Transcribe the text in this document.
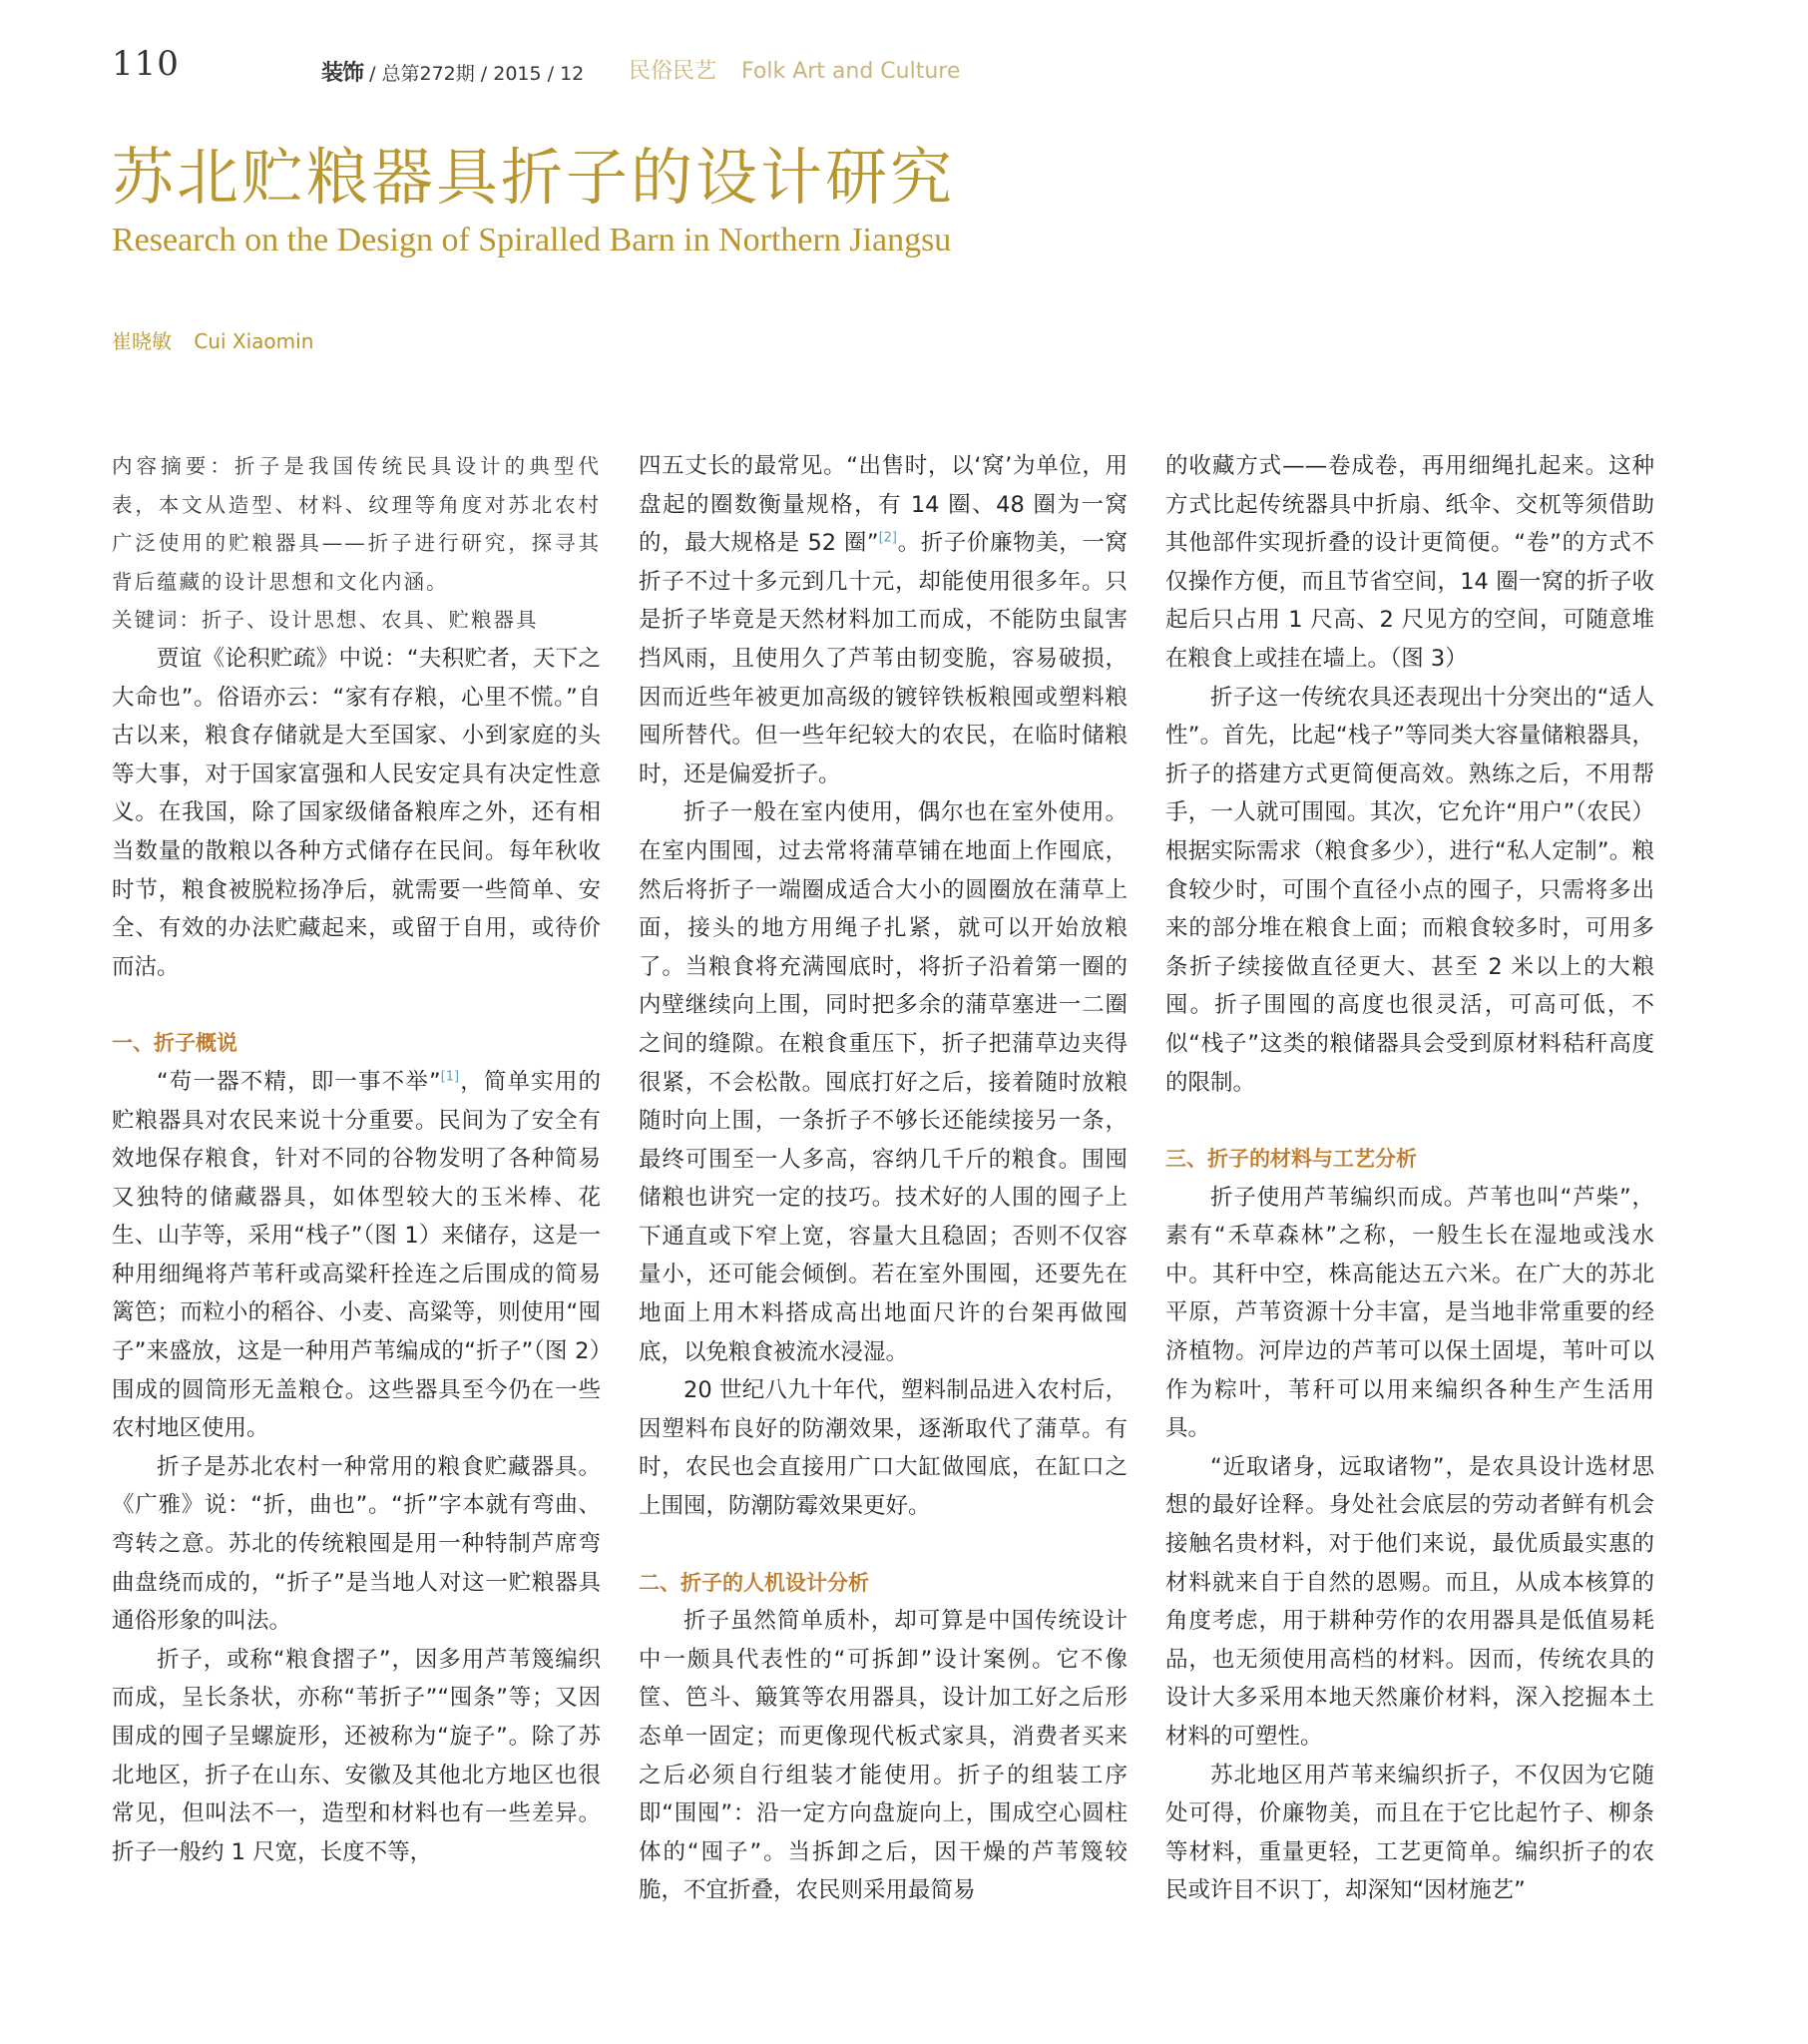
110	装饰 / 总第272期 / 2015 / 12 民俗民艺 Folk Art and Culture
苏北贮粮器具折子的设计研究
Research on the Design of Spiralled Barn in Northern Jiangsu
崔晓敏 Cui Xiaomin

内容摘要：折子是我国传统民具设计的典型代表，本文从造型、材料、纹理等角度对苏北农村广泛使用的贮粮器具——折子进行研究，探寻其背后蕴藏的设计思想和文化内涵。

关键词：折子、设计思想、农具、贮粮器具

贾谊《论积贮疏》中说：“夫积贮者，天下之大命也”。俗语亦云：“家有存粮，心里不慌。”自古以来，粮食存储就是大至国家、小到家庭的头等大事，对于国家富强和人民安定具有决定性意义。在我国，除了国家级储备粮库之外，还有相当数量的散粮以各种方式储存在民间。每年秋收时节，粮食被脱粒扬净后，就需要一些简单、安全、有效的办法贮藏起来，或留于自用，或待价而沽。

一、折子概说

“苟一器不精，即一事不举”[1]，简单实用的贮粮器具对农民来说十分重要。民间为了安全有效地保存粮食，针对不同的谷物发明了各种简易又独特的储藏器具，如体型较大的玉米棒、花生、山芋等，采用“栈子”（图 1）来储存，这是一种用细绳将芦苇秆或高粱秆拴连之后围成的简易篱笆；而粒小的稻谷、小麦、高粱等，则使用“囤子”来盛放，这是一种用芦苇编成的“折子”（图 2）围成的圆筒形无盖粮仓。这些器具至今仍在一些农村地区使用。

折子是苏北农村一种常用的粮食贮藏器具。《广雅》说：“折，曲也”。“折”字本就有弯曲、弯转之意。苏北的传统粮囤是用一种特制芦席弯曲盘绕而成的，“折子”是当地人对这一贮粮器具通俗形象的叫法。

折子，或称“粮食摺子”，因多用芦苇篾编织而成，呈长条状，亦称“苇折子”“囤条”等；又因围成的囤子呈螺旋形，还被称为“旋子”。除了苏北地区，折子在山东、安徽及其他北方地区也很常见，但叫法不一，造型和材料也有一些差异。折子一般约 1 尺宽，长度不等，

四五丈长的最常见。“出售时，以‘窝’为单位，用盘起的圈数衡量规格，有 14 圈、48 圈为一窝的，最大规格是 52 圈”[2]。折子价廉物美，一窝折子不过十多元到几十元，却能使用很多年。只是折子毕竟是天然材料加工而成，不能防虫鼠害挡风雨，且使用久了芦苇由韧变脆，容易破损，因而近些年被更加高级的镀锌铁板粮囤或塑料粮囤所替代。但一些年纪较大的农民，在临时储粮时，还是偏爱折子。

折子一般在室内使用，偶尔也在室外使用。在室内围囤，过去常将蒲草铺在地面上作囤底，然后将折子一端圈成适合大小的圆圈放在蒲草上面，接头的地方用绳子扎紧，就可以开始放粮了。当粮食将充满囤底时，将折子沿着第一圈的内壁继续向上围，同时把多余的蒲草塞进一二圈之间的缝隙。在粮食重压下，折子把蒲草边夹得很紧，不会松散。囤底打好之后，接着随时放粮随时向上围，一条折子不够长还能续接另一条，最终可围至一人多高，容纳几千斤的粮食。围囤储粮也讲究一定的技巧。技术好的人围的囤子上下通直或下窄上宽，容量大且稳固；否则不仅容量小，还可能会倾倒。若在室外围囤，还要先在地面上用木料搭成高出地面尺许的台架再做囤底，以免粮食被流水浸湿。

20 世纪八九十年代，塑料制品进入农村后，因塑料布良好的防潮效果，逐渐取代了蒲草。有时，农民也会直接用广口大缸做囤底，在缸口之上围囤，防潮防霉效果更好。

二、折子的人机设计分析

折子虽然简单质朴，却可算是中国传统设计中一颇具代表性的“可拆卸”设计案例。它不像筐、笆斗、簸箕等农用器具，设计加工好之后形态单一固定；而更像现代板式家具，消费者买来之后必须自行组装才能使用。折子的组装工序即“围囤”：沿一定方向盘旋向上，围成空心圆柱体的“囤子”。当拆卸之后，因干燥的芦苇篾较脆，不宜折叠，农民则采用最简易

的收藏方式——卷成卷，再用细绳扎起来。这种方式比起传统器具中折扇、纸伞、交杌等须借助其他部件实现折叠的设计更简便。“卷”的方式不仅操作方便，而且节省空间，14 圈一窝的折子收起后只占用 1 尺高、2 尺见方的空间，可随意堆在粮食上或挂在墙上。（图 3）

折子这一传统农具还表现出十分突出的“适人性”。首先，比起“栈子”等同类大容量储粮器具，折子的搭建方式更简便高效。熟练之后，不用帮手，一人就可围囤。其次，它允许“用户”（农民）根据实际需求（粮食多少），进行“私人定制”。粮食较少时，可围个直径小点的囤子，只需将多出来的部分堆在粮食上面；而粮食较多时，可用多条折子续接做直径更大、甚至 2 米以上的大粮囤。折子围囤的高度也很灵活，可高可低，不似“栈子”这类的粮储器具会受到原材料秸秆高度的限制。

三、折子的材料与工艺分析

折子使用芦苇编织而成。芦苇也叫“芦柴”，素有“禾草森林”之称，一般生长在湿地或浅水中。其秆中空，株高能达五六米。在广大的苏北平原，芦苇资源十分丰富，是当地非常重要的经济植物。河岸边的芦苇可以保土固堤，苇叶可以作为粽叶，苇秆可以用来编织各种生产生活用具。

“近取诸身，远取诸物”，是农具设计选材思想的最好诠释。身处社会底层的劳动者鲜有机会接触名贵材料，对于他们来说，最优质最实惠的材料就来自于自然的恩赐。而且，从成本核算的角度考虑，用于耕种劳作的农用器具是低值易耗品，也无须使用高档的材料。因而，传统农具的设计大多采用本地天然廉价材料，深入挖掘本土材料的可塑性。

苏北地区用芦苇来编织折子，不仅因为它随处可得，价廉物美，而且在于它比起竹子、柳条等材料，重量更轻，工艺更简单。编织折子的农民或许目不识丁，却深知“因材施艺”
